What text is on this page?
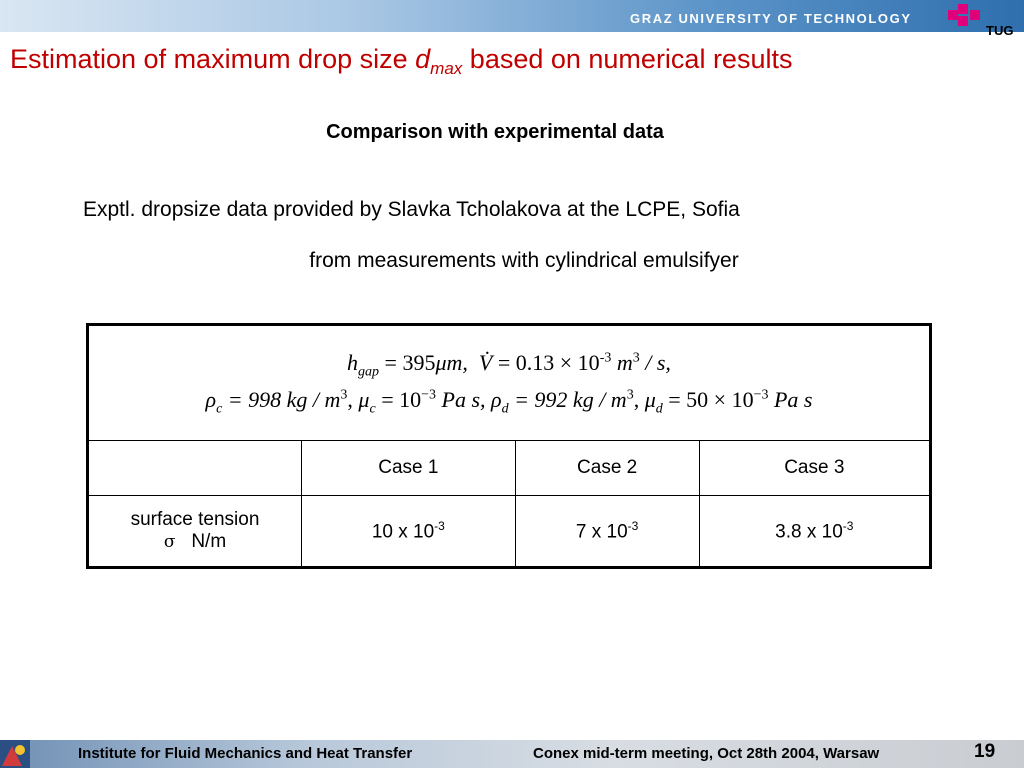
GRAZ UNIVERSITY OF TECHNOLOGY
TUG
Estimation of maximum drop size $d_{max}$ based on numerical results
Comparison with experimental data
Exptl. dropsize data provided by Slavka Tcholakova at the LCPE, Sofia
from measurements with cylindrical emulsifyer
$h_{gap} = 395\mu m$, V̇ = $0.13 \times 10^{-3}$ $m^3$ / s,
$\rho_c = 998$ kg / $m^3$, $\mu_c = 10^{-3}$ Pa s, $\rho_d = 992$ kg / $m^3$, $\mu_d = 50 \times 10^{-3}$ Pa s			

	Case 1	Case 2	Case 3

surface tension
σ N/m	10 x $10^{-3}$	7 x $10^{-3}$	3.8 x $10^{-3}$
Institute for Fluid Mechanics and Heat Transfer	Conex mid-term meeting, Oct 28th 2004, Warsaw	19
